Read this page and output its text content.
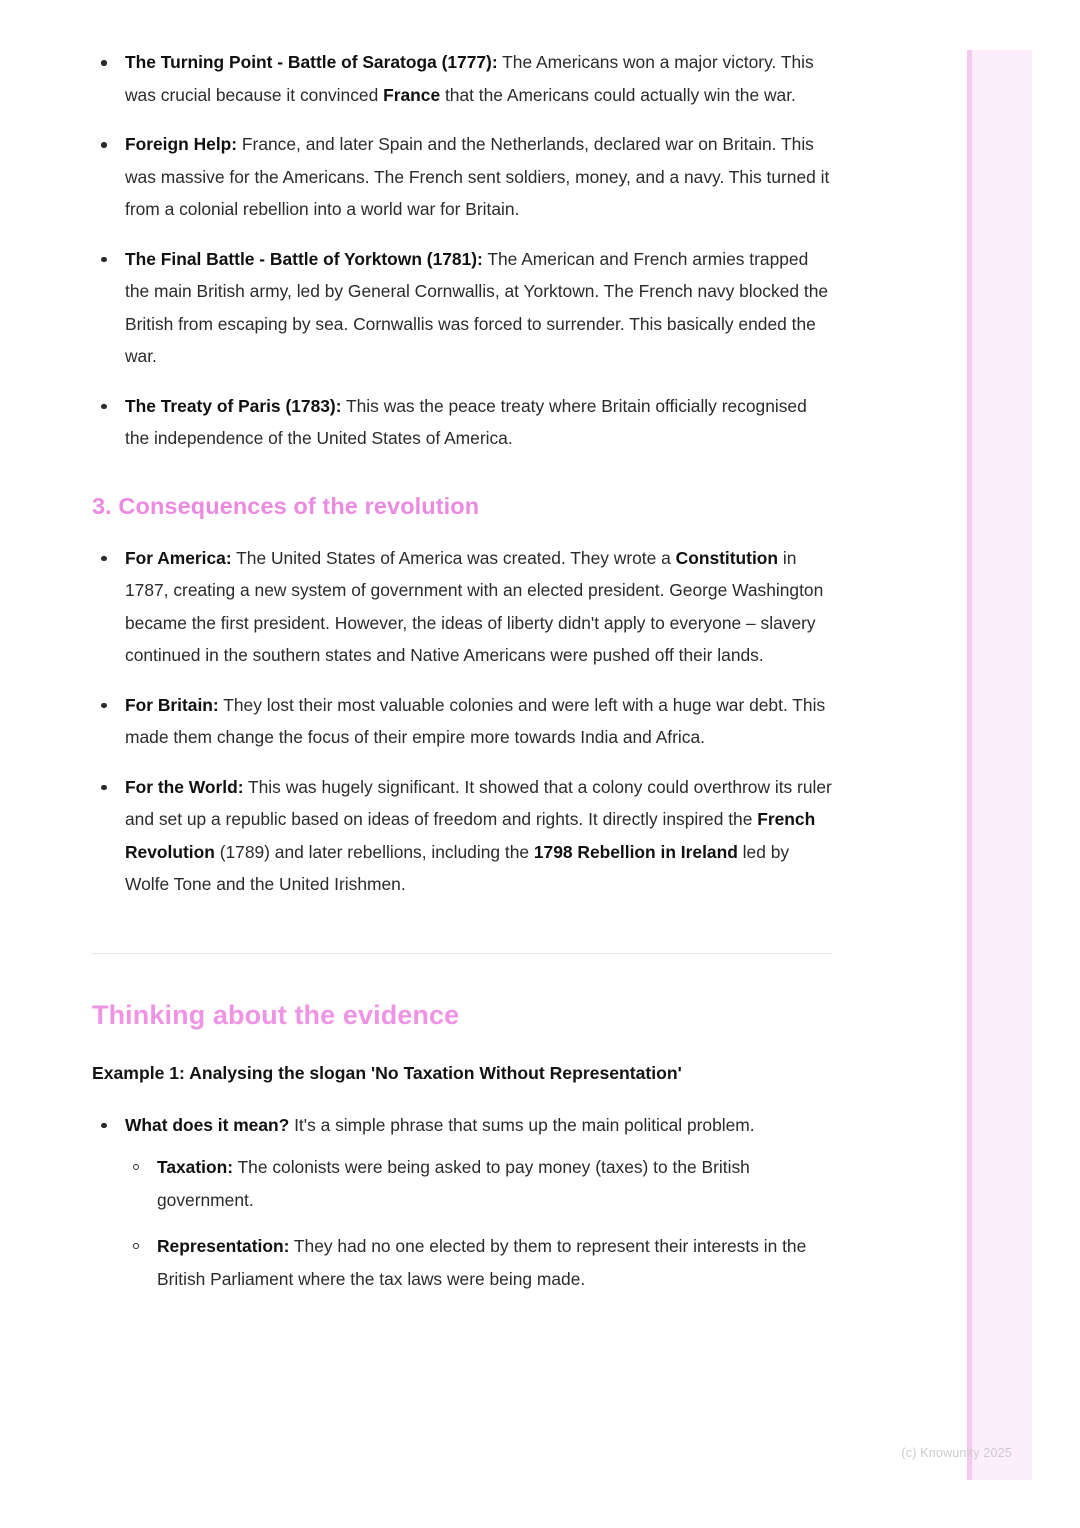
The Turning Point - Battle of Saratoga (1777): The Americans won a major victory. This was crucial because it convinced France that the Americans could actually win the war.
Foreign Help: France, and later Spain and the Netherlands, declared war on Britain. This was massive for the Americans. The French sent soldiers, money, and a navy. This turned it from a colonial rebellion into a world war for Britain.
The Final Battle - Battle of Yorktown (1781): The American and French armies trapped the main British army, led by General Cornwallis, at Yorktown. The French navy blocked the British from escaping by sea. Cornwallis was forced to surrender. This basically ended the war.
The Treaty of Paris (1783): This was the peace treaty where Britain officially recognised the independence of the United States of America.
3. Consequences of the revolution
For America: The United States of America was created. They wrote a Constitution in 1787, creating a new system of government with an elected president. George Washington became the first president. However, the ideas of liberty didn't apply to everyone – slavery continued in the southern states and Native Americans were pushed off their lands.
For Britain: They lost their most valuable colonies and were left with a huge war debt. This made them change the focus of their empire more towards India and Africa.
For the World: This was hugely significant. It showed that a colony could overthrow its ruler and set up a republic based on ideas of freedom and rights. It directly inspired the French Revolution (1789) and later rebellions, including the 1798 Rebellion in Ireland led by Wolfe Tone and the United Irishmen.
Thinking about the evidence

Example 1: Analysing the slogan 'No Taxation Without Representation'

What does it mean? It's a simple phrase that sums up the main political problem.
Taxation: The colonists were being asked to pay money (taxes) to the British government.
Representation: They had no one elected by them to represent their interests in the British Parliament where the tax laws were being made.
(c) Knowunity 2025
